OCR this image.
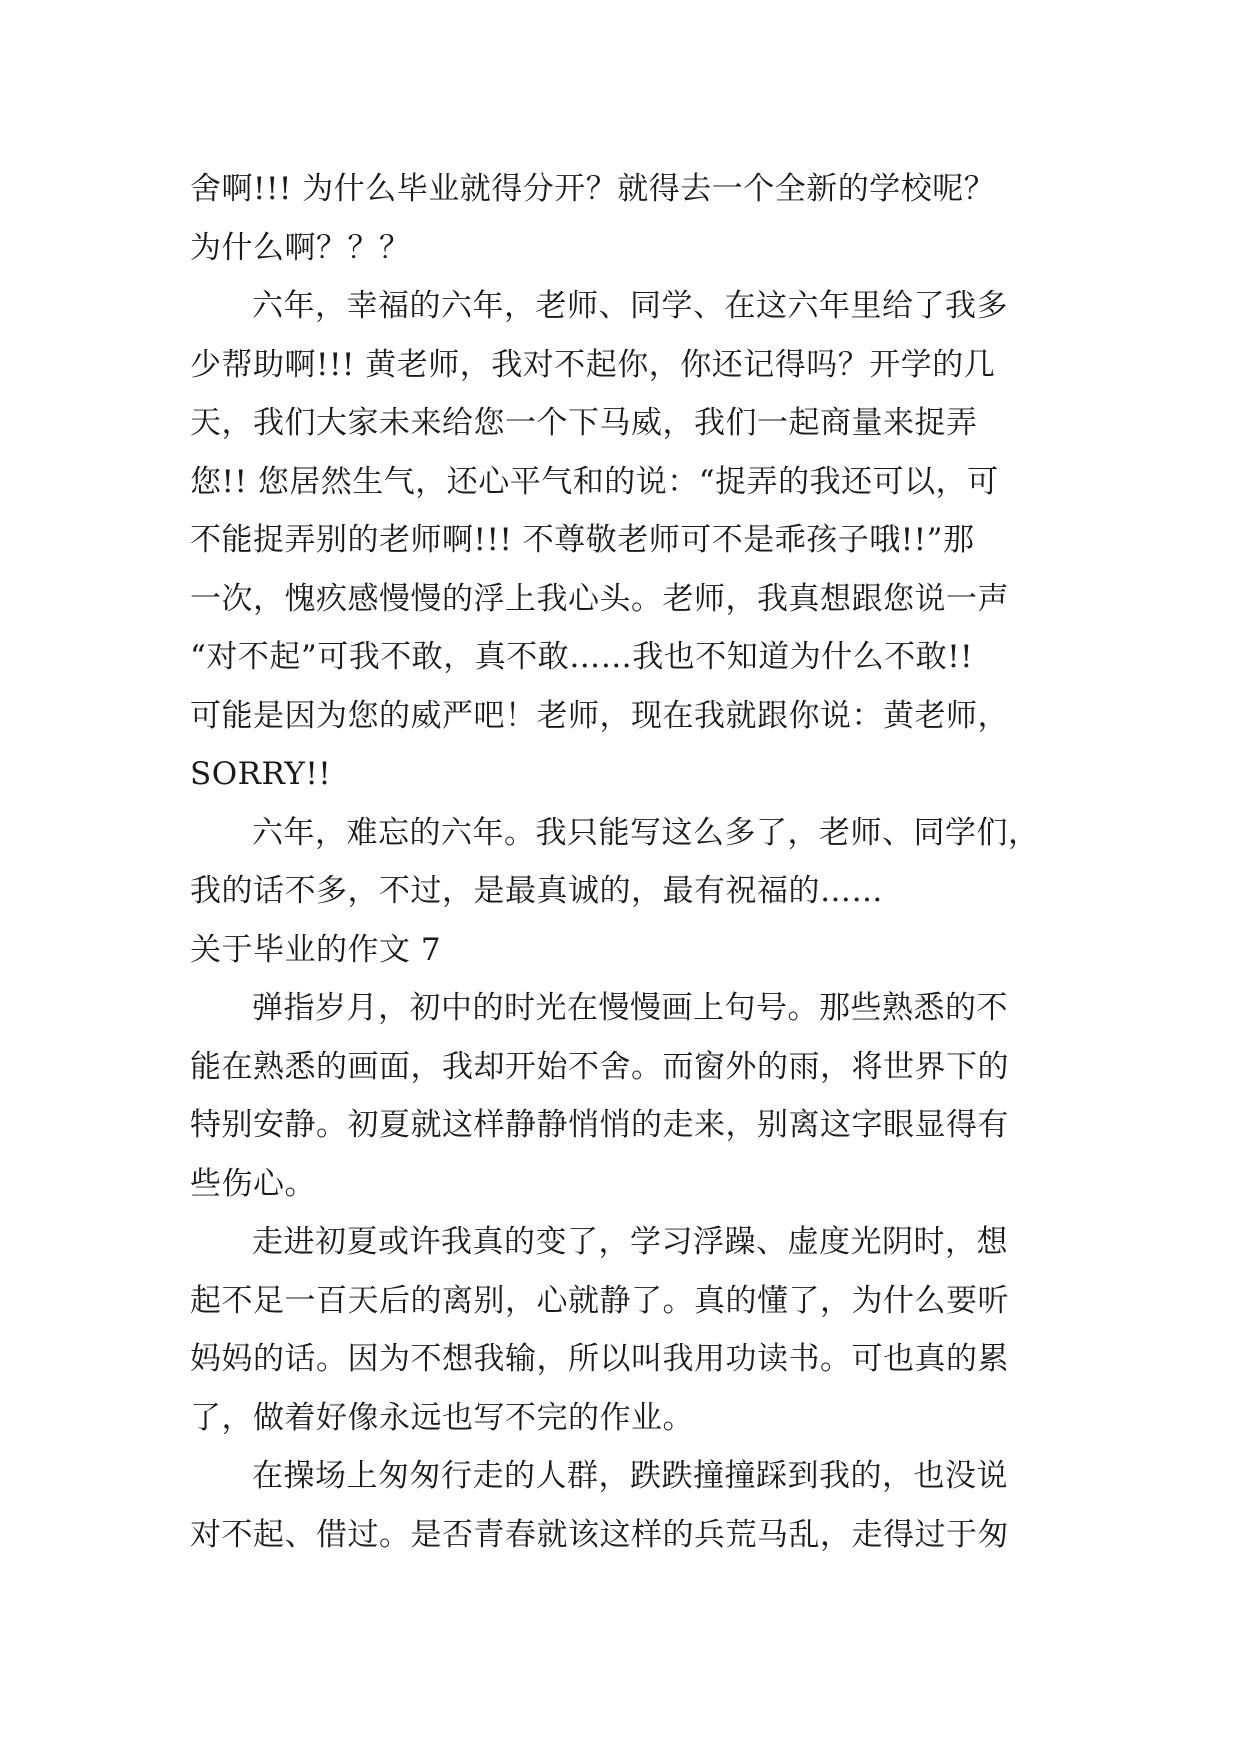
舍啊!!! 为什么毕业就得分开？就得去一个全新的学校呢？
为什么啊？？？

六年，幸福的六年，老师、同学、在这六年里给了我多
少帮助啊!!! 黄老师，我对不起你，你还记得吗？开学的几
天，我们大家未来给您一个下马威，我们一起商量来捉弄
您!! 您居然生气，还心平气和的说：“捉弄的我还可以，可
不能捉弄别的老师啊!!! 不尊敬老师可不是乖孩子哦!!”那
一次，愧疚感慢慢的浮上我心头。老师，我真想跟您说一声
“对不起”可我不敢，真不敢……我也不知道为什么不敢!!
可能是因为您的威严吧！老师，现在我就跟你说：黄老师，
SORRY!!

六年，难忘的六年。我只能写这么多了，老师、同学们，
我的话不多，不过，是最真诚的，最有祝福的……

关于毕业的作文 7

弹指岁月，初中的时光在慢慢画上句号。那些熟悉的不
能在熟悉的画面，我却开始不舍。而窗外的雨，将世界下的
特别安静。初夏就这样静静悄悄的走来，别离这字眼显得有
些伤心。

走进初夏或许我真的变了，学习浮躁、虚度光阴时，想
起不足一百天后的离别，心就静了。真的懂了，为什么要听
妈妈的话。因为不想我输，所以叫我用功读书。可也真的累
了，做着好像永远也写不完的作业。

在操场上匆匆行走的人群，跌跌撞撞踩到我的，也没说
对不起、借过。是否青春就该这样的兵荒马乱，走得过于匆
